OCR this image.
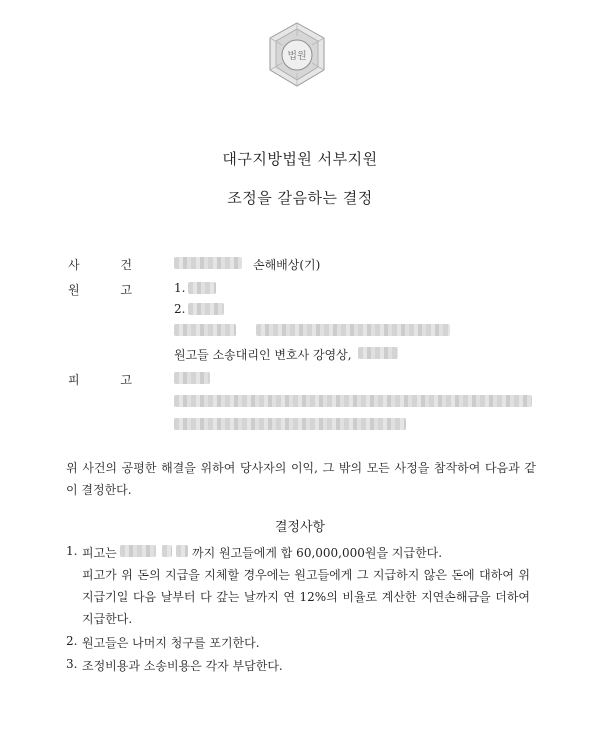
법원
대구지방법원 서부지원
조정을 갈음하는 결정
사	건	손해배상(기)
원	고	1.
2.
원고들 소송대리인 변호사 강영상,
피	고
위 사건의 공평한 해결을 위하여 당사자의 이익, 그 밖의 모든 사정을 참작하여 다음과 같이 결정한다.
결정사항
1. 피고는	까지 원고들에게 합 60,000,000원을 지급한다.
피고가 위 돈의 지급을 지체할 경우에는 원고들에게 그 지급하지 않은 돈에 대하여 위 지급기일 다음 날부터 다 갚는 날까지 연 12%의 비율로 계산한 지연손해금을 더하여 지급한다.
2. 원고들은 나머지 청구를 포기한다.
3. 조정비용과 소송비용은 각자 부담한다.
